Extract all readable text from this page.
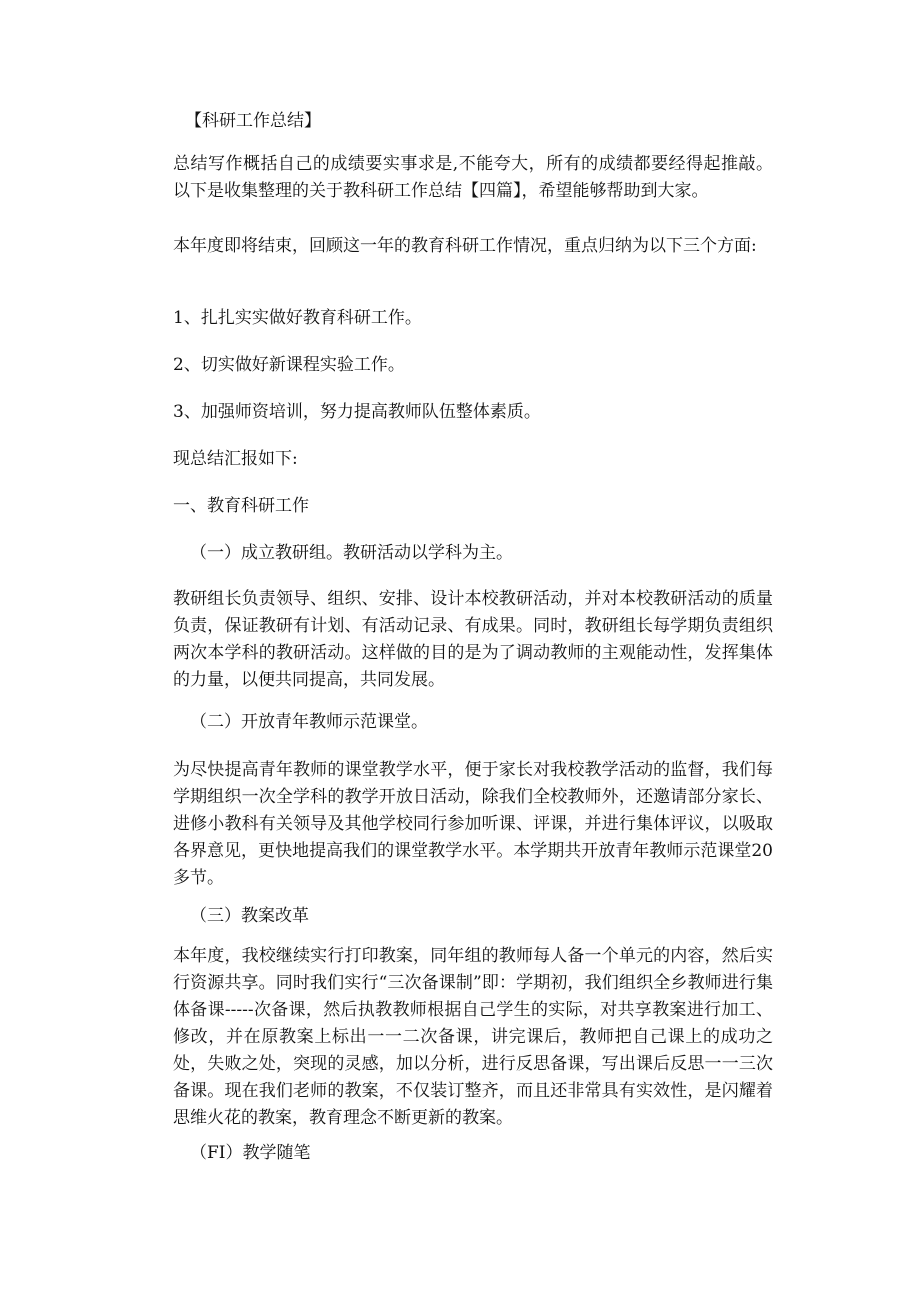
【科研工作总结】

总结写作概括自己的成绩要实事求是,不能夸大，所有的成绩都要经得起推敲。以下是收集整理的关于教科研工作总结【四篇】，希望能够帮助到大家。

本年度即将结束，回顾这一年的教育科研工作情况，重点归纳为以下三个方面:

1、扎扎实实做好教育科研工作。

2、切实做好新课程实验工作。

3、加强师资培训，努力提高教师队伍整体素质。

现总结汇报如下:

一、教育科研工作

（一）成立教研组。教研活动以学科为主。

教研组长负责领导、组织、安排、设计本校教研活动，并对本校教研活动的质量负责，保证教研有计划、有活动记录、有成果。同时，教研组长每学期负责组织两次本学科的教研活动。这样做的目的是为了调动教师的主观能动性，发挥集体的力量，以便共同提高，共同发展。

（二）开放青年教师示范课堂。

为尽快提高青年教师的课堂教学水平，便于家长对我校教学活动的监督，我们每学期组织一次全学科的教学开放日活动，除我们全校教师外，还邀请部分家长、进修小教科有关领导及其他学校同行参加听课、评课，并进行集体评议，以吸取各界意见，更快地提高我们的课堂教学水平。本学期共开放青年教师示范课堂20多节。

（三）教案改革

本年度，我校继续实行打印教案，同年组的教师每人备一个单元的内容，然后实行资源共享。同时我们实行“三次备课制”即：学期初，我们组织全乡教师进行集体备课-----次备课，然后执教教师根据自己学生的实际，对共享教案进行加工、修改，并在原教案上标出一一二次备课，讲完课后，教师把自己课上的成功之处，失败之处，突现的灵感，加以分析，进行反思备课，写出课后反思一一三次备课。现在我们老师的教案，不仅装订整齐，而且还非常具有实效性，是闪耀着思维火花的教案，教育理念不断更新的教案。

（FI）教学随笔
